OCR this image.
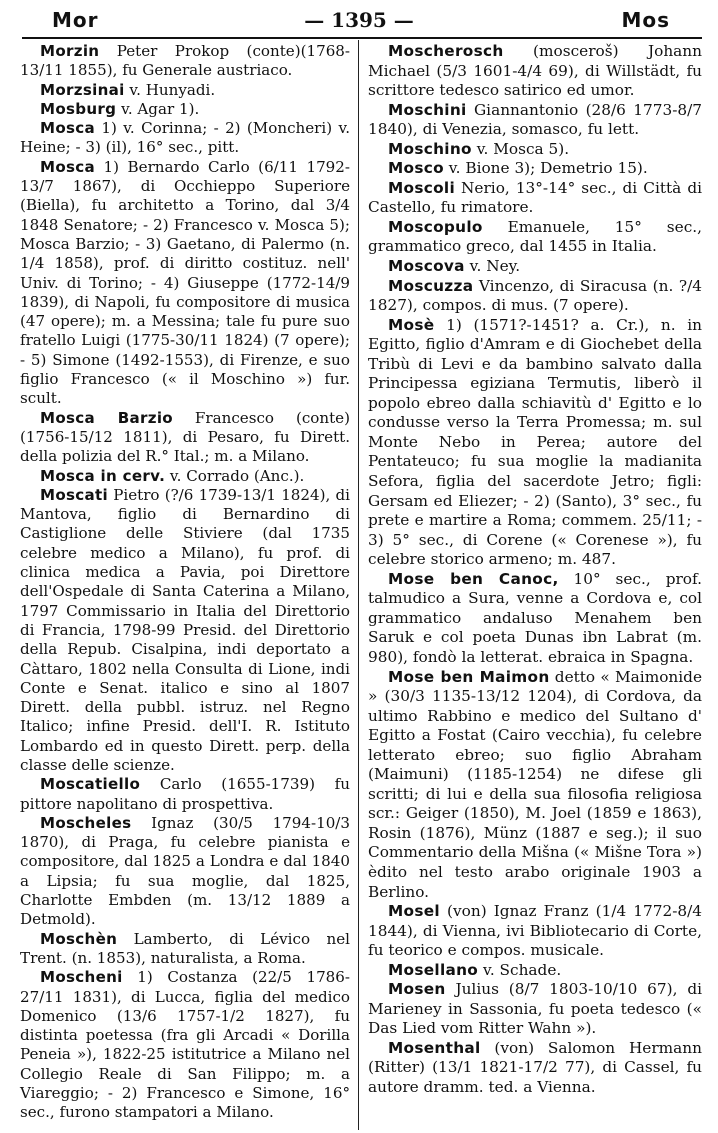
Mor	— 1395 —	Mos

Morzin Peter Prokop (conte)(1768-13/11 1855), fu Generale austriaco.

Morzsinai v. Hunyadi.

Mosburg v. Agar 1).

Mosca 1) v. Corinna; - 2) (Moncheri) v. Heine; - 3) (il), 16° sec., pitt.

Mosca 1) Bernardo Carlo (6/11 1792-13/7 1867), di Occhieppo Superiore (Biella), fu architetto a Torino, dal 3/4 1848 Senatore; - 2) Francesco v. Mosca 5); Mosca Barzio; - 3) Gaetano, di Palermo (n. 1/4 1858), prof. di diritto costituz. nell' Univ. di Torino; - 4) Giuseppe (1772-14/9 1839), di Napoli, fu compositore di musica (47 opere); m. a Messina; tale fu pure suo fratello Luigi (1775-30/11 1824) (7 opere); - 5) Simone (1492-1553), di Firenze, e suo figlio Francesco (« il Moschino ») fur. scult.

Mosca Barzio Francesco (conte) (1756-15/12 1811), di Pesaro, fu Dirett. della polizia del R.° Ital.; m. a Milano.

Mosca in cerv. v. Corrado (Anc.).

Moscati Pietro (?/6 1739-13/1 1824), di Mantova, figlio di Bernardino di Castiglione delle Stiviere (dal 1735 celebre medico a Milano), fu prof. di clinica medica a Pavia, poi Direttore dell'Ospedale di Santa Caterina a Milano, 1797 Commissario in Italia del Direttorio di Francia, 1798-99 Presid. del Direttorio della Repub. Cisalpina, indi deportato a Càttaro, 1802 nella Consulta di Lione, indi Conte e Senat. italico e sino al 1807 Dirett. della pubbl. istruz. nel Regno Italico; infine Presid. dell'I. R. Istituto Lombardo ed in questo Dirett. perp. della classe delle scienze.

Moscatiello Carlo (1655-1739) fu pittore napolitano di prospettiva.

Moscheles Ignaz (30/5 1794-10/3 1870), di Praga, fu celebre pianista e compositore, dal 1825 a Londra e dal 1840 a Lipsia; fu sua moglie, dal 1825, Charlotte Embden (m. 13/12 1889 a Detmold).

Moschèn Lamberto, di Lévico nel Trent. (n. 1853), naturalista, a Roma.

Moscheni 1) Costanza (22/5 1786-27/11 1831), di Lucca, figlia del medico Domenico (13/6 1757-1/2 1827), fu distinta poetessa (fra gli Arcadi « Dorilla Peneia »), 1822-25 istitutrice a Milano nel Collegio Reale di San Filippo; m. a Viareggio; - 2) Francesco e Simone, 16° sec., furono stampatori a Milano.

Moscherosch (mosceroš) Johann Michael (5/3 1601-4/4 69), di Willstädt, fu scrittore tedesco satirico ed umor.

Moschini Giannantonio (28/6 1773-8/7 1840), di Venezia, somasco, fu lett.

Moschino v. Mosca 5).

Mosco v. Bione 3); Demetrio 15).

Moscoli Nerio, 13°-14° sec., di Città di Castello, fu rimatore.

Moscopulo Emanuele, 15° sec., grammatico greco, dal 1455 in Italia.

Moscova v. Ney.

Moscuzza Vincenzo, di Siracusa (n. ?/4 1827), compos. di mus. (7 opere).

Mosè 1) (1571?-1451? a. Cr.), n. in Egitto, figlio d'Amram e di Giochebet della Tribù di Levi e da bambino salvato dalla Principessa egiziana Termutis, liberò il popolo ebreo dalla schiavitù d' Egitto e lo condusse verso la Terra Promessa; m. sul Monte Nebo in Perea; autore del Pentateuco; fu sua moglie la madianita Sefora, figlia del sacerdote Jetro; figli: Gersam ed Eliezer; - 2) (Santo), 3° sec., fu prete e martire a Roma; commem. 25/11; - 3) 5° sec., di Corene (« Corenese »), fu celebre storico armeno; m. 487.

Mose ben Canoc, 10° sec., prof. talmudico a Sura, venne a Cordova e, col grammatico andaluso Menahem ben Saruk e col poeta Dunas ibn Labrat (m. 980), fondò la letterat. ebraica in Spagna.

Mose ben Maimon detto « Maimonide » (30/3 1135-13/12 1204), di Cordova, da ultimo Rabbino e medico del Sultano d' Egitto a Fostat (Cairo vecchia), fu celebre letterato ebreo; suo figlio Abraham (Maimuni) (1185-1254) ne difese gli scritti; di lui e della sua filosofia religiosa scr.: Geiger (1850), M. Joel (1859 e 1863), Rosin (1876), Münz (1887 e seg.); il suo Commentario della Mišna (« Mišne Tora ») èdito nel testo arabo originale 1903 a Berlino.

Mosel (von) Ignaz Franz (1/4 1772-8/4 1844), di Vienna, ivi Bibliotecario di Corte, fu teorico e compos. musicale.

Mosellano v. Schade.

Mosen Julius (8/7 1803-10/10 67), di Marieney in Sassonia, fu poeta tedesco (« Das Lied vom Ritter Wahn »).

Mosenthal (von) Salomon Hermann (Ritter) (13/1 1821-17/2 77), di Cassel, fu autore dramm. ted. a Vienna.
